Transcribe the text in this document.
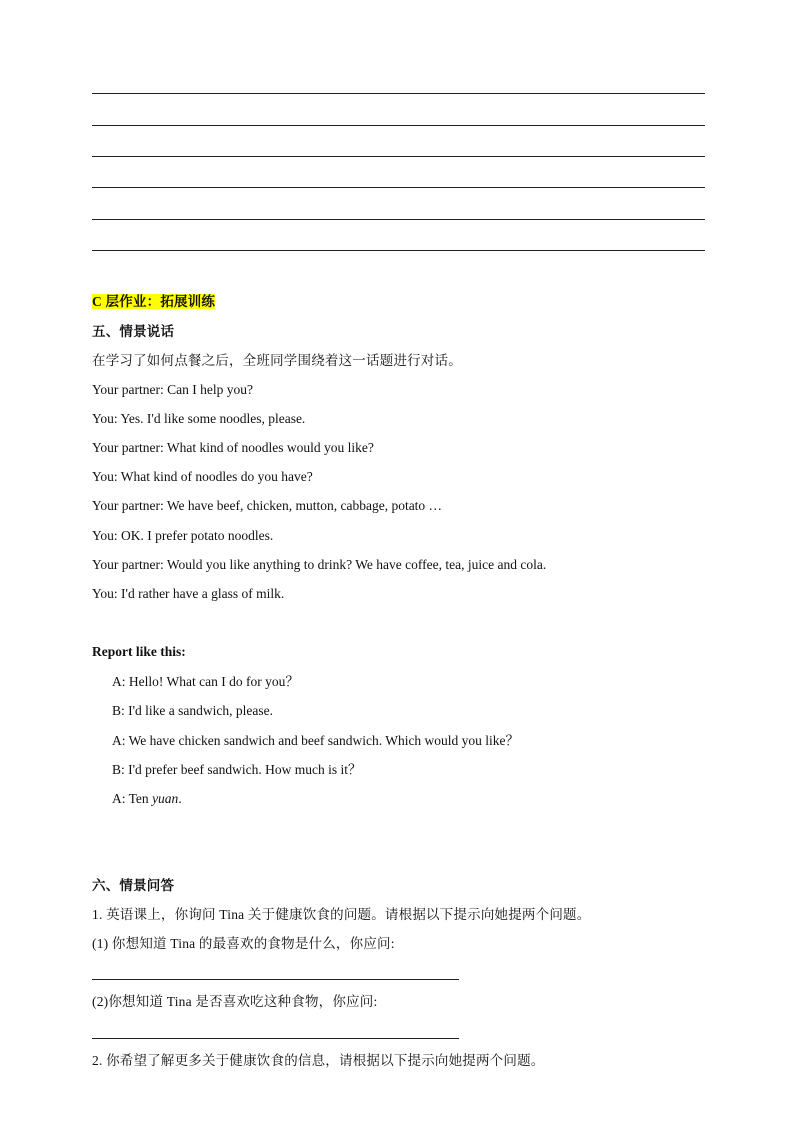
C 层作业：拓展训练
五、情景说话
在学习了如何点餐之后，全班同学围绕着这一话题进行对话。
Your partner: Can I help you?
You: Yes. I'd like some noodles, please.
Your partner: What kind of noodles would you like?
You: What kind of noodles do you have?
Your partner: We have beef, chicken, mutton, cabbage, potato …
You: OK. I prefer potato noodles.
Your partner: Would you like anything to drink? We have coffee, tea, juice and cola.
You: I'd rather have a glass of milk.
Report like this:
A: Hello! What can I do for you？
B: I'd like a sandwich, please.
A: We have chicken sandwich and beef sandwich. Which would you like？
B: I'd prefer beef sandwich. How much is it？
A: Ten yuan.
六、情景问答
1. 英语课上，你询问 Tina 关于健康饮食的问题。请根据以下提示向她提两个问题。
(1) 你想知道 Tina 的最喜欢的食物是什么，你应问:
(2)你想知道 Tina 是否喜欢吃这种食物，你应问:
2. 你希望了解更多关于健康饮食的信息，请根据以下提示向她提两个问题。
